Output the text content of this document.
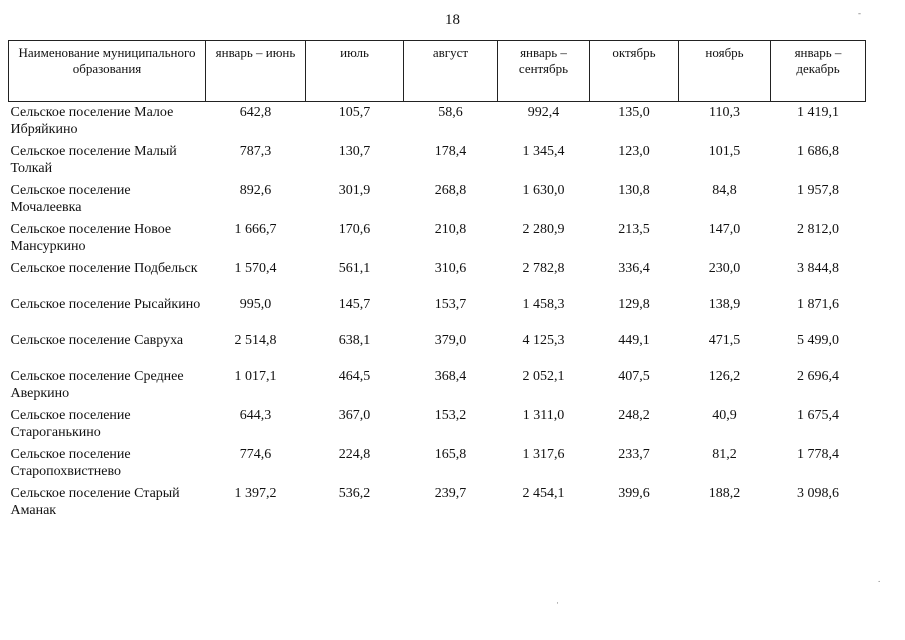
18	-
.
·
Наименование муниципального образования	январь – июнь	июль	август	январь – сентябрь	октябрь	ноябрь	январь – декабрь
Сельское поселение Малое Ибряйкино	642,8	105,7	58,6	992,4	135,0	110,3	1 419,1
Сельское поселение Малый Толкай	787,3	130,7	178,4	1 345,4	123,0	101,5	1 686,8
Сельское поселение Мочалеевка	892,6	301,9	268,8	1 630,0	130,8	84,8	1 957,8
Сельское поселение Новое Мансуркино	1 666,7	170,6	210,8	2 280,9	213,5	147,0	2 812,0
Сельское поселение Подбельск	1 570,4	561,1	310,6	2 782,8	336,4	230,0	3 844,8
Сельское поселение Рысайкино	995,0	145,7	153,7	1 458,3	129,8	138,9	1 871,6
Сельское поселение Савруха	2 514,8	638,1	379,0	4 125,3	449,1	471,5	5 499,0
Сельское поселение Среднее Аверкино	1 017,1	464,5	368,4	2 052,1	407,5	126,2	2 696,4
Сельское поселение Староганькино	644,3	367,0	153,2	1 311,0	248,2	40,9	1 675,4
Сельское поселение Старопохвистнево	774,6	224,8	165,8	1 317,6	233,7	81,2	1 778,4
Сельское поселение Старый Аманак	1 397,2	536,2	239,7	2 454,1	399,6	188,2	3 098,6
